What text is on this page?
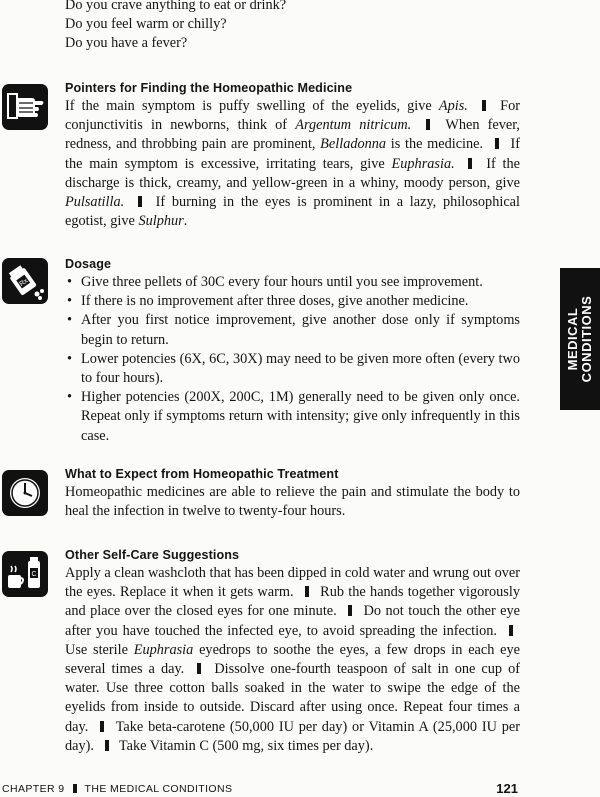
Do you crave anything to eat or drink?
Do you feel warm or chilly?
Do you have a fever?
Pointers for Finding the Homeopathic Medicine

If the main symptom is puffy swelling of the eyelids, give Apis.  For conjunctivitis in newborns, think of Argentum nitricum.  When fever, redness, and throbbing pain are prominent, Belladonna is the medicine.  If the main symptom is excessive, irritating tears, give Euphrasia.  If the discharge is thick, creamy, and yellow-green in a whiny, moody person, give Pulsatilla.  If burning in the eyes is prominent in a lazy, philosophical egotist, give Sulphur.

Rx
Dosage
• Give three pellets of 30C every four hours until you see improvement.
• If there is no improvement after three doses, give another medicine.
• After you first notice improvement, give another dose only if symptoms begin to return.
• Lower potencies (6X, 6C, 30X) may need to be given more often (every two to four hours).
• Higher potencies (200X, 200C, 1M) generally need to be given only once. Repeat only if symptoms return with intensity; give only infrequently in this case.
MEDICAL CONDITIONS
What to Expect from Homeopathic Treatment

Homeopathic medicines are able to relieve the pain and stimulate the body to heal the infection in twelve to twenty-four hours.

C
Other Self-Care Suggestions

Apply a clean washcloth that has been dipped in cold water and wrung out over the eyes. Replace it when it gets warm.  Rub the hands together vigorously and place over the closed eyes for one minute.  Do not touch the other eye after you have touched the infected eye, to avoid spreading the infection.  Use sterile Euphrasia eyedrops to soothe the eyes, a few drops in each eye several times a day.  Dissolve one-fourth teaspoon of salt in one cup of water. Use three cotton balls soaked in the water to swipe the edge of the eyelids from inside to outside. Discard after using once. Repeat four times a day.  Take beta-carotene (50,000 IU per day) or Vitamin A (25,000 IU per day).  Take Vitamin C (500 mg, six times per day).

CHAPTER 9 THE MEDICAL CONDITIONS	121
